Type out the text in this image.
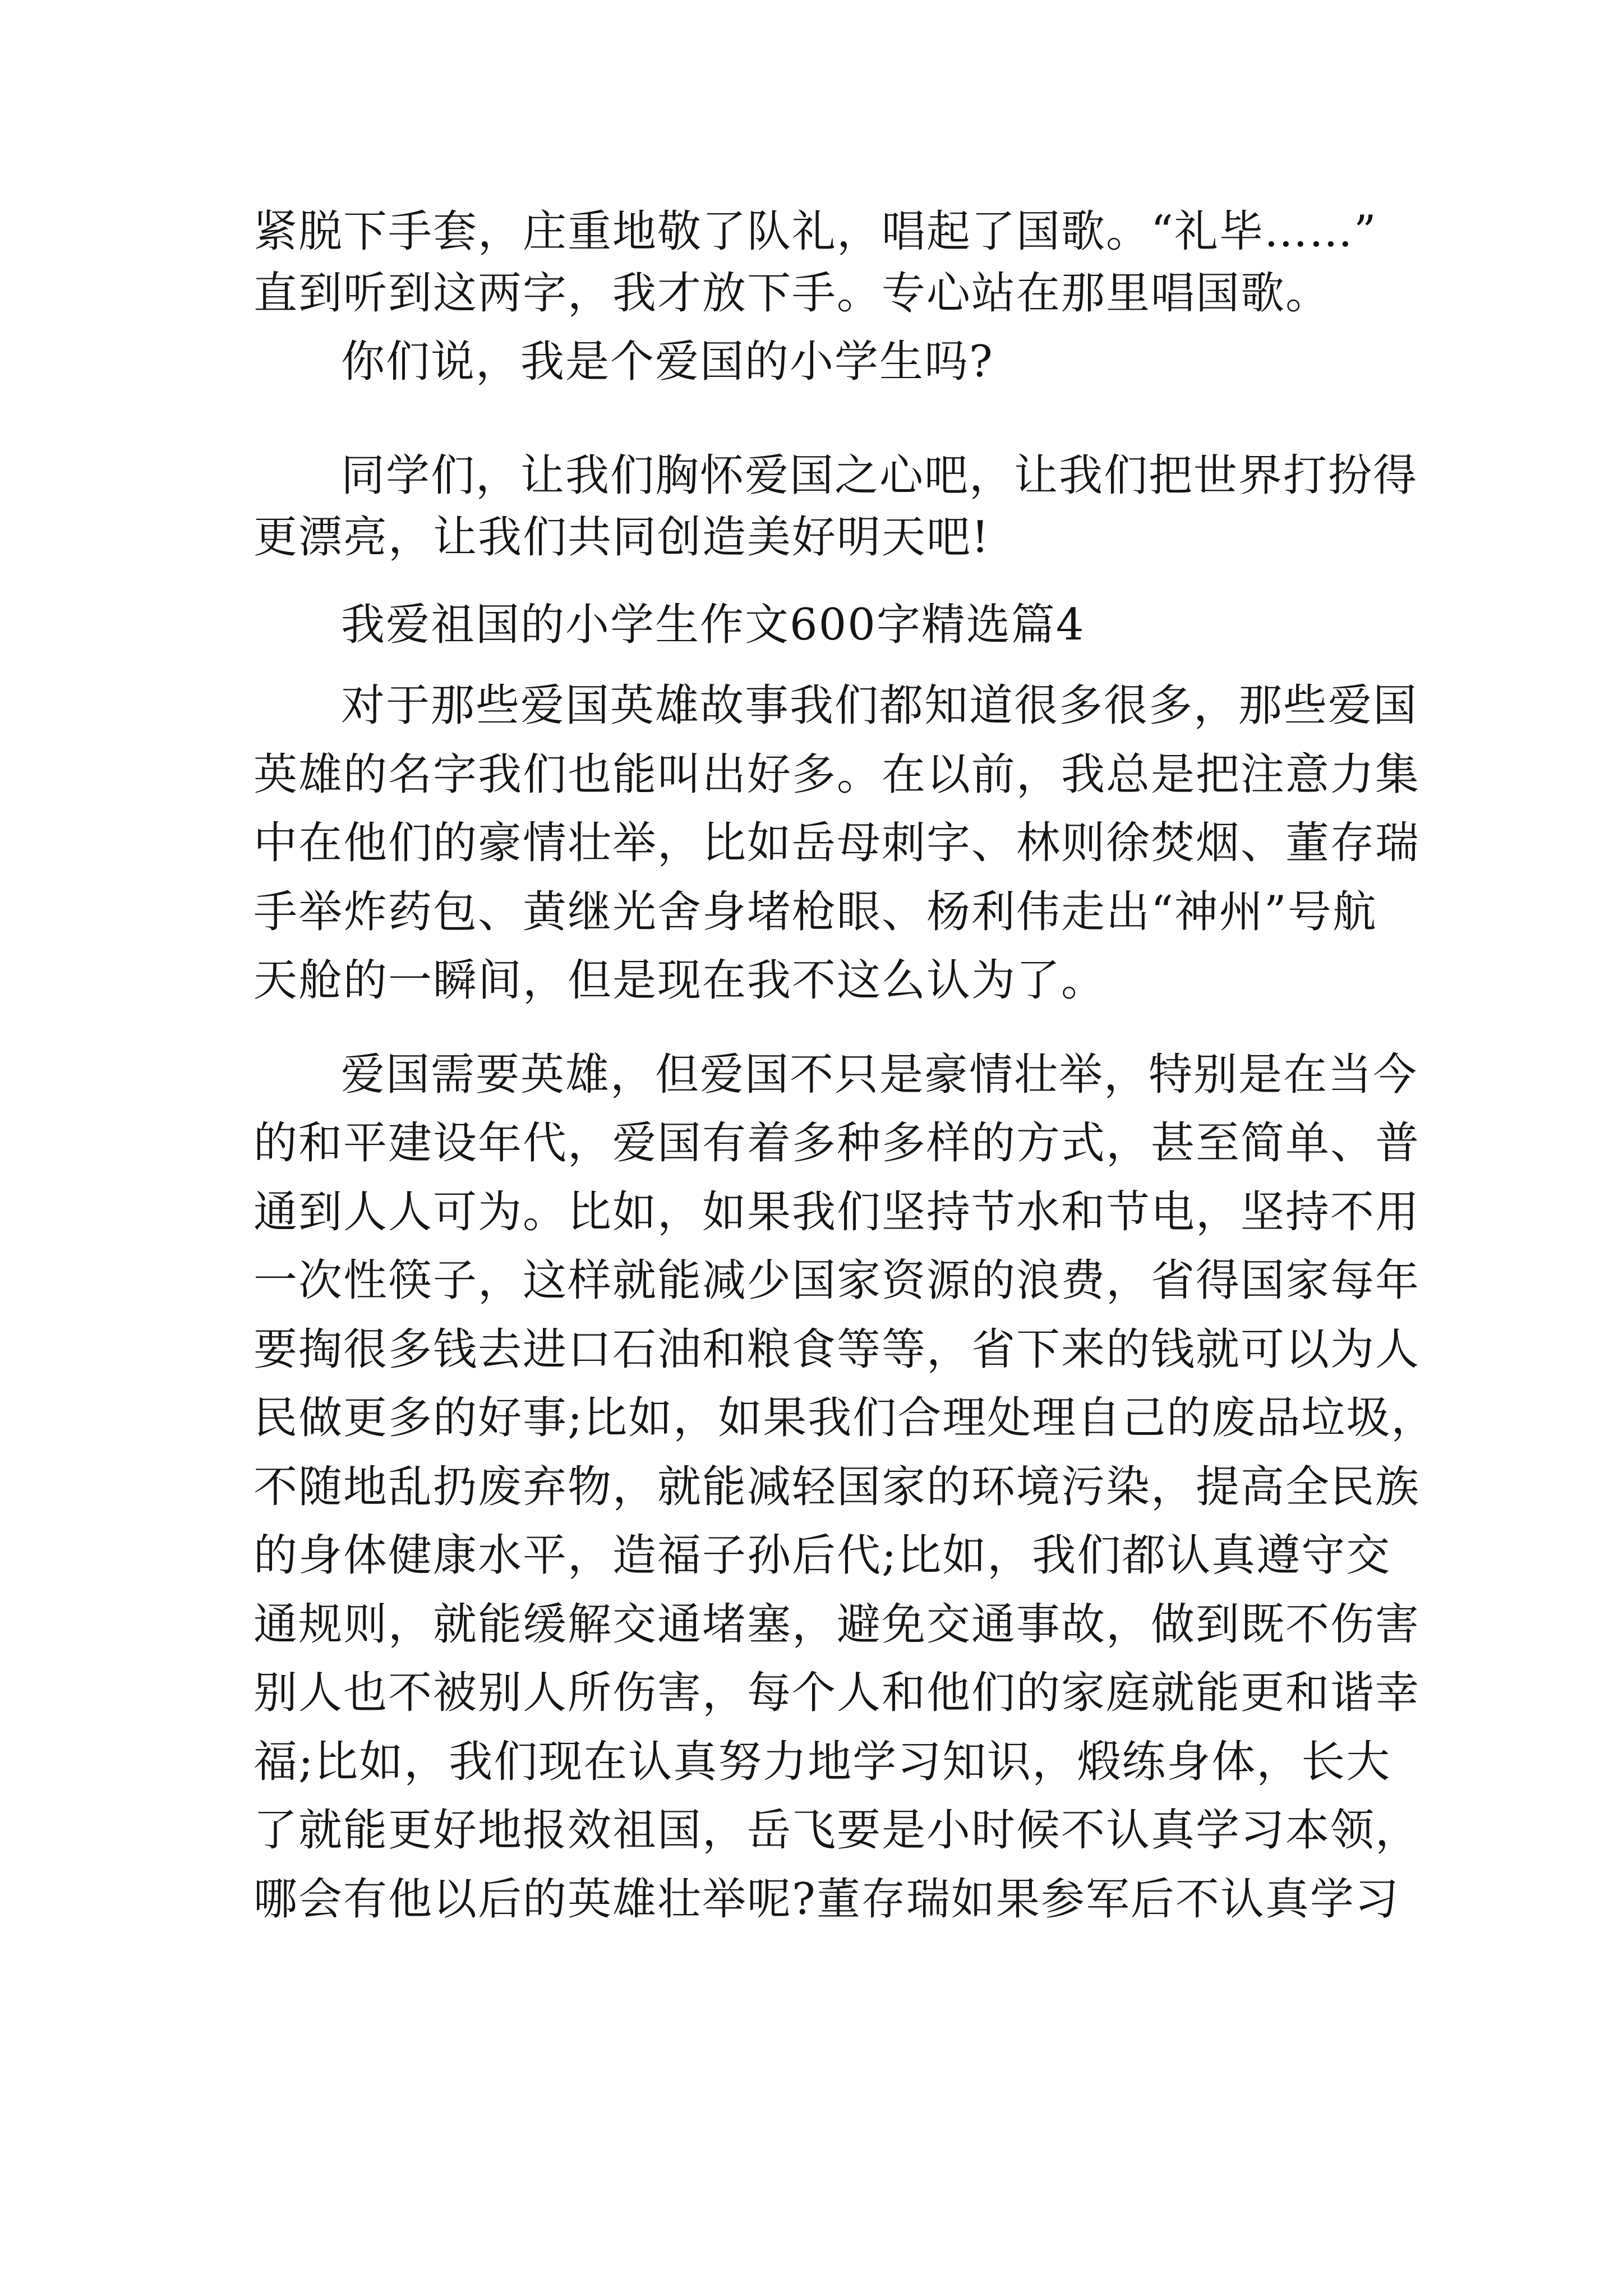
紧脱下手套，庄重地敬了队礼，唱起了国歌。“礼毕……”
直到听到这两字，我才放下手。专心站在那里唱国歌。
你们说，我是个爱国的小学生吗?
同学们，让我们胸怀爱国之心吧，让我们把世界打扮得
更漂亮，让我们共同创造美好明天吧!
我爱祖国的小学生作文600字精选篇4
对于那些爱国英雄故事我们都知道很多很多，那些爱国
英雄的名字我们也能叫出好多。在以前，我总是把注意力集
中在他们的豪情壮举，比如岳母刺字、林则徐焚烟、董存瑞
手举炸药包、黄继光舍身堵枪眼、杨利伟走出“神州”号航
天舱的一瞬间，但是现在我不这么认为了。
爱国需要英雄，但爱国不只是豪情壮举，特别是在当今
的和平建设年代，爱国有着多种多样的方式，甚至简单、普
通到人人可为。比如，如果我们坚持节水和节电，坚持不用
一次性筷子，这样就能减少国家资源的浪费，省得国家每年
要掏很多钱去进口石油和粮食等等，省下来的钱就可以为人
民做更多的好事;比如，如果我们合理处理自己的废品垃圾，
不随地乱扔废弃物，就能减轻国家的环境污染，提高全民族
的身体健康水平，造福子孙后代;比如，我们都认真遵守交
通规则，就能缓解交通堵塞，避免交通事故，做到既不伤害
别人也不被别人所伤害，每个人和他们的家庭就能更和谐幸
福;比如，我们现在认真努力地学习知识，煅练身体，长大
了就能更好地报效祖国，岳飞要是小时候不认真学习本领，
哪会有他以后的英雄壮举呢?董存瑞如果参军后不认真学习
